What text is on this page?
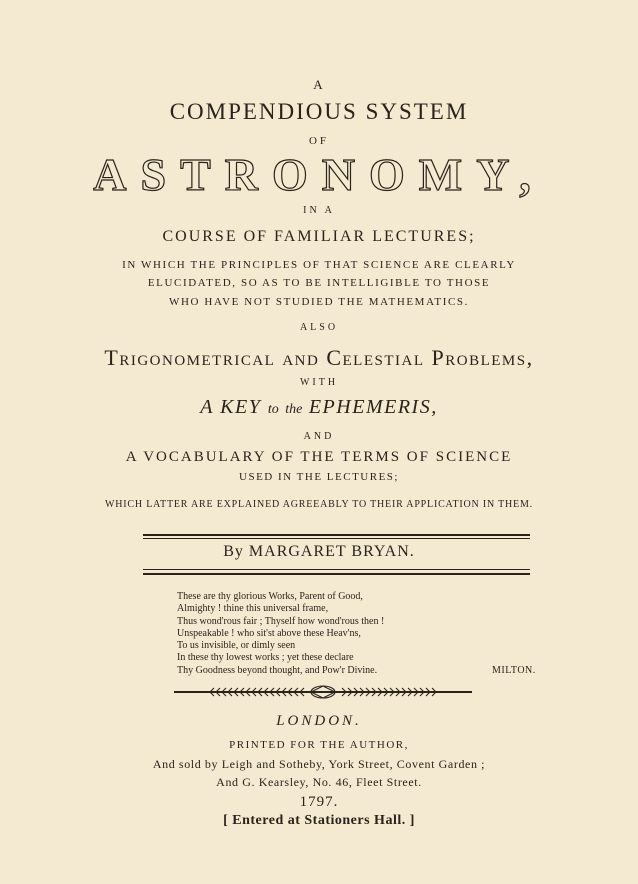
A
COMPENDIOUS SYSTEM
OF
ASTRONOMY,
IN A
COURSE OF FAMILIAR LECTURES;
IN WHICH THE PRINCIPLES OF THAT SCIENCE ARE CLEARLY
ELUCIDATED, SO AS TO BE INTELLIGIBLE TO THOSE
WHO HAVE NOT STUDIED THE MATHEMATICS.
ALSO
Trigonometrical and Celestial Problems,
WITH
A KEY to the EPHEMERIS,
AND
A VOCABULARY OF THE TERMS OF SCIENCE
USED IN THE LECTURES;
WHICH LATTER ARE EXPLAINED AGREEABLY TO THEIR APPLICATION IN THEM.
By MARGARET BRYAN.
These are thy glorious Works, Parent of Good,
Almighty ! thine this universal frame,
Thus wond'rous fair ; Thyself how wond'rous then !
Unspeakable ! who sit'st above these Heav'ns,
To us invisible, or dimly seen
In these thy lowest works ; yet these declare
Thy Goodness beyond thought, and Pow'r Divine.	MILTON.
LONDON.
PRINTED FOR THE AUTHOR,
And sold by Leigh and Sotheby, York Street, Covent Garden ;
And G. Kearsley, No. 46, Fleet Street.
1797.
[ Entered at Stationers Hall. ]
